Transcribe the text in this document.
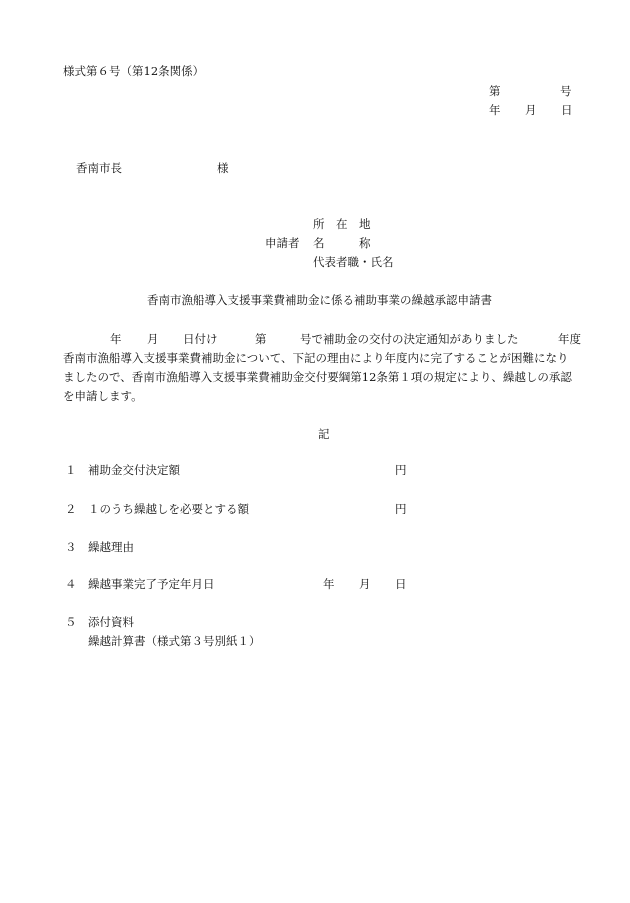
様式第６号（第12条関係）
第	号
年 月 日
香南市長	様
所　在　地
申請者 名　　　称
代表者職・氏名
香南市漁船導入支援事業費補助金に係る補助事業の繰越承認申請書
年 月 日付け	第	号で補助金の交付の決定通知がありました	年度
香南市漁船導入支援事業費補助金について、下記の理由により年度内に完了することが困難になり
ましたので、香南市漁船導入支援事業費補助金交付要綱第12条第１項の規定により、繰越しの承認
を申請します。
記
１ 補助金交付決定額	円
２ １のうち繰越しを必要とする額	円
３ 繰越理由
４ 繰越事業完了予定年月日	年 月 日
５ 添付資料
繰越計算書（様式第３号別紙１）
